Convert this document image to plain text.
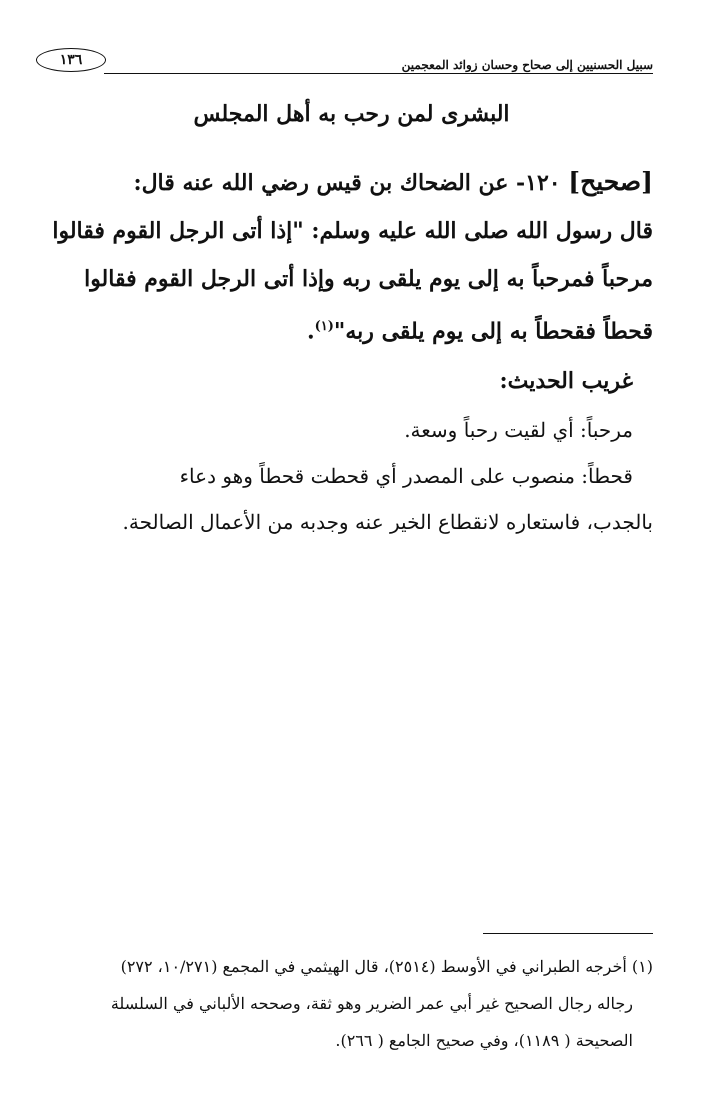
سبيل الحسنيين إلى صحاح وحسان زوائد المعجمين
١٣٦
البشرى لمن رحب به أهل المجلس
[صحيح] ١٢٠- عن الضحاك بن قيس رضي الله عنه قال:
قال رسول الله صلى الله عليه وسلم: "إذا أتى الرجل القوم فقالوا
مرحباً فمرحباً به إلى يوم يلقى ربه وإذا أتى الرجل القوم فقالوا
قحطاً فقحطاً به إلى يوم يلقى ربه"$^{(١)}$.
غريب الحديث:
مرحباً: أي لقيت رحباً وسعة.
قحطاً: منصوب على المصدر أي قحطت قحطاً وهو دعاء
بالجدب، فاستعاره لانقطاع الخير عنه وجدبه من الأعمال الصالحة.
(١) أخرجه الطبراني في الأوسط (٢٥١٤)، قال الهيثمي في المجمع (١٠/٢٧١، ٢٧٢)
رجاله رجال الصحيح غير أبي عمر الضرير وهو ثقة، وصححه الألباني في السلسلة
الصحيحة ( ١١٨٩)، وفي صحيح الجامع ( ٢٦٦).
